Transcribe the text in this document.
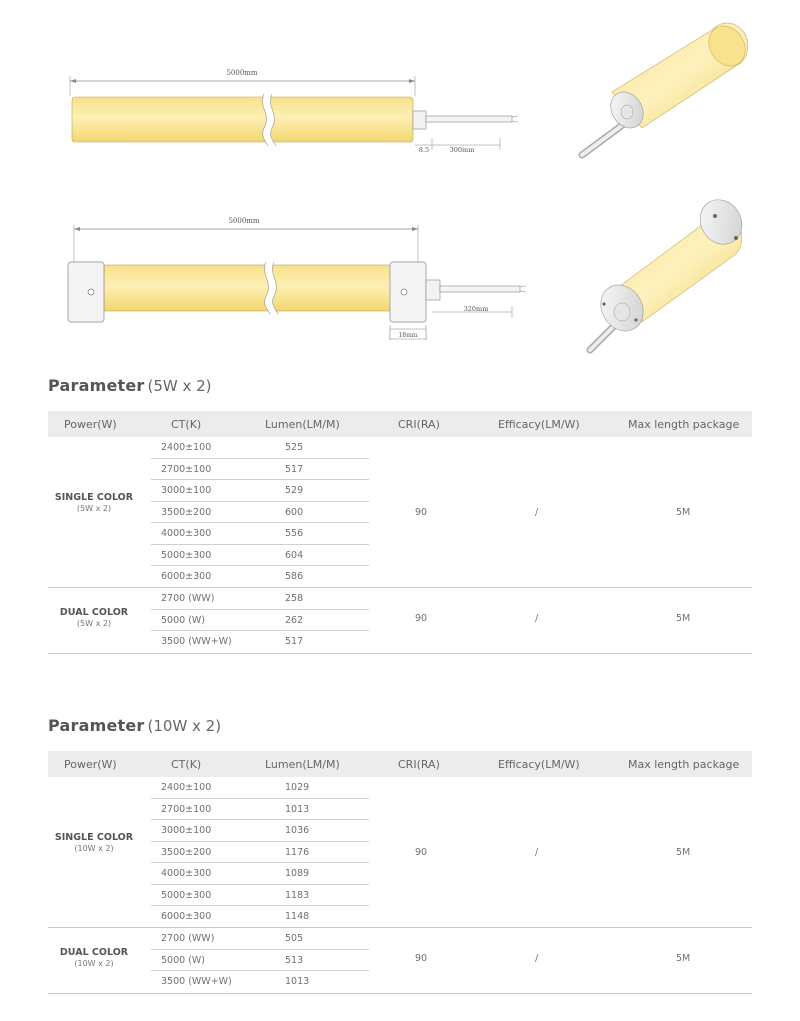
5000mm
8.5	300mm
5000mm
320mm
18mm
Parameter (5W x 2)
Power(W)	CT(K)	Lumen(LM/M)	CRI(RA)	Efficacy(LM/W)	Max length package
SINGLE COLOR
(5W x 2)
2400±100	525
2700±100	517
3000±100	529
3500±200	600
4000±300	556
5000±300	604
6000±300	586
90	/	5M
DUAL COLOR
(5W x 2)
2700 (WW)	258
5000 (W)	262
3500 (WW+W)	517
90	/	5M
Parameter (10W x 2)
Power(W)	CT(K)	Lumen(LM/M)	CRI(RA)	Efficacy(LM/W)	Max length package
SINGLE COLOR
(10W x 2)
2400±100	1029
2700±100	1013
3000±100	1036
3500±200	1176
4000±300	1089
5000±300	1183
6000±300	1148
90	/	5M
DUAL COLOR
(10W x 2)
2700 (WW)	505
5000 (W)	513
3500 (WW+W)	1013
90	/	5M
